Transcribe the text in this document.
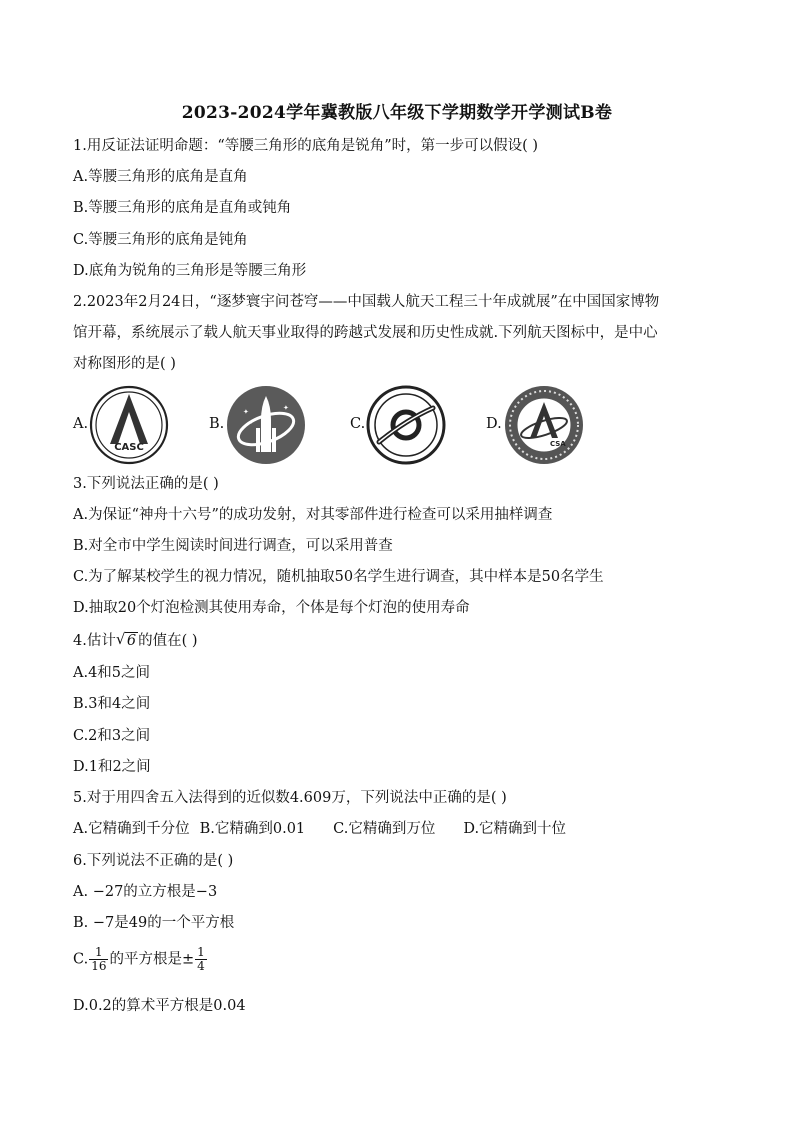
2023-2024学年冀教版八年级下学期数学开学测试B卷
1.用反证法证明命题：“等腰三角形的底角是锐角”时，第一步可以假设( )
A.等腰三角形的底角是直角
B.等腰三角形的底角是直角或钝角
C.等腰三角形的底角是钝角
D.底角为锐角的三角形是等腰三角形
2.2023年2月24日，“逐梦寰宇问苍穹——中国载人航天工程三十年成就展”在中国国家博物
馆开幕，系统展示了载人航天事业取得的跨越式发展和历史性成就.下列航天图标中，是中心
对称图形的是( )
A.
CASC
B.
✦	✦
✦	C.	D.
CSA
3.下列说法正确的是( )
A.为保证“神舟十六号”的成功发射，对其零部件进行检查可以采用抽样调查
B.对全市中学生阅读时间进行调查，可以采用普查
C.为了解某校学生的视力情况，随机抽取50名学生进行调查，其中样本是50名学生
D.抽取20个灯泡检测其使用寿命，个体是每个灯泡的使用寿命
4.估计 √ 6 的值在( )
A.4和5之间
B.3和4之间
C.2和3之间
D.1和2之间
5.对于用四舍五入法得到的近似数4.609万，下列说法中正确的是( )
A.它精确到千分位 B.它精确到0.01 C.它精确到万位 D.它精确到十位
6.下列说法不正确的是( )
A. −27的立方根是−3
B. −7是49的一个平方根
C. $\frac{1}{16}$ 的平方根是± $\frac{1}{4}$
D.0.2的算术平方根是0.04
